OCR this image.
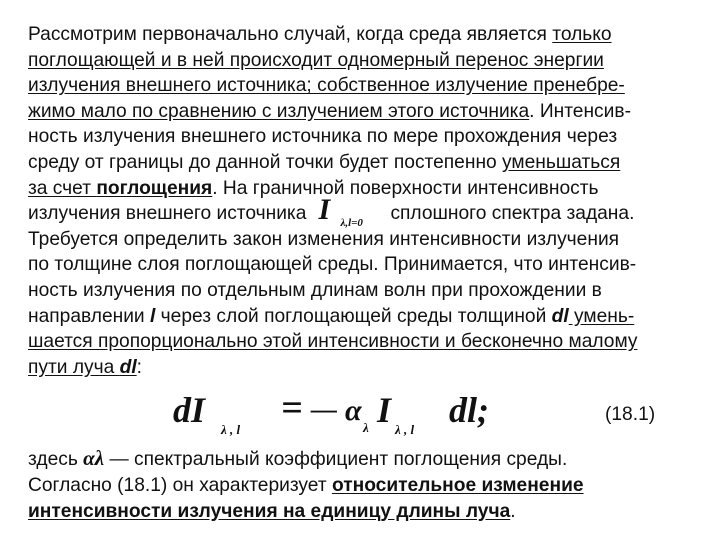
Рассмотрим первоначально случай, когда среда является только
поглощающей и в ней происходит одномерный перенос энергии
излучения внешнего источника; собственное излучение пренебре-
жимо мало по сравнению с излучением этого источника. Интенсив-
ность излучения внешнего источника по мере прохождения через
среду от границы до данной точки будет постепенно уменьшаться
за счет поглощения. На граничной поверхности интенсивность
излучения внешнего источника I λ,l=0 сплошного спектра задана.
Требуется определить закон изменения интенсивности излучения
по толщине слоя поглощающей среды. Принимается, что интенсив-
ность излучения по отдельным длинам волн при прохождении в
направлении l через слой поглощающей среды толщиной dl умень-
шается пропорционально этой интенсивности и бесконечно малому
пути луча dl:
dI λ , l
= — α
λ I λ , l dl;	(18.1)
здесь αλ — спектральный коэффициент поглощения среды.
Согласно (18.1) он характеризует относительное изменение
интенсивности излучения на единицу длины луча.
